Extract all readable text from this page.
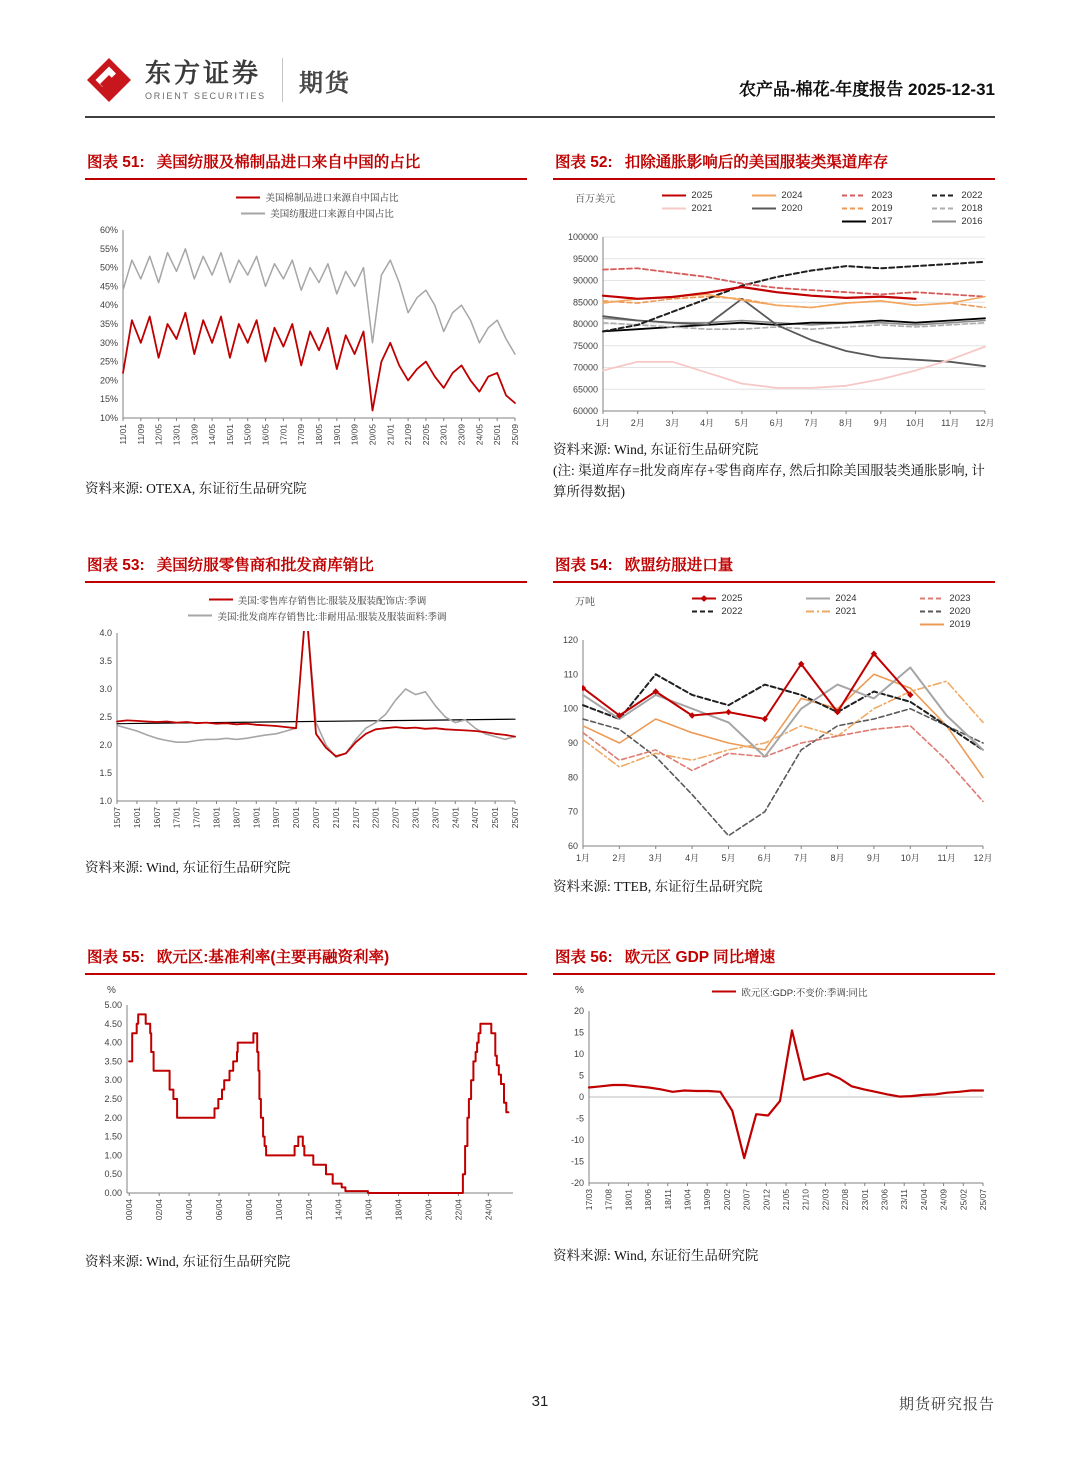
东方证券
ORIENT SECURITIES 期货	农产品-棉花-年度报告 2025-12-31
图表 51: 美国纺服及棉制品进口来自中国的占比
美国棉制品进口来源自中国占比
美国纺服进口来源自中国占比
10%
15%
20%
25%
30%
35%
40%
45%
50%
55%
60%
11/01 11/09 12/05 13/01 13/09 14/05 15/01 15/09 16/05 17/01 17/09 18/05 19/01 19/09 20/05 21/01 21/09 22/05 23/01 23/09 24/05 25/01 25/09
资料来源: OTEXA, 东证衍生品研究院
图表 52: 扣除通胀影响后的美国服装类渠道库存
百万美元	2025	2024	2023	2022
2021	2020	2019	2018
2017	2016
60000
65000
70000
75000
80000
85000
90000
95000
100000
1月 2月 3月 4月 5月 6月 7月 8月 9月 10月 11月 12月
资料来源: Wind, 东证衍生品研究院
(注: 渠道库存=批发商库存+零售商库存, 然后扣除美国服装类通胀影响, 计算所得数据)
图表 53: 美国纺服零售商和批发商库销比
美国:零售库存销售比:服装及服装配饰店:季调
美国:批发商库存销售比:非耐用品:服装及服装面料:季调
1.0
1.5
2.0
2.5
3.0
3.5
4.0
15/07 16/01 16/07 17/01 17/07 18/01 18/07 19/01 19/07 20/01 20/07 21/01 21/07 22/01 22/07 23/01 23/07 24/01 24/07 25/01 25/07
资料来源: Wind, 东证衍生品研究院
图表 54: 欧盟纺服进口量
万吨	2025	2024	2023
2022	2021	2020
2019
60
70
80
90
100
110
120
1月 2月 3月 4月 5月 6月 7月 8月 9月 10月 11月 12月
资料来源: TTEB, 东证衍生品研究院
图表 55: 欧元区:基准利率(主要再融资利率)
%
0.00
0.50
1.00
1.50
2.00
2.50
3.00
3.50
4.00
4.50
5.00
00/04 02/04 04/04 06/04 08/04 10/04 12/04 14/04 16/04 18/04 20/04 22/04 24/04
资料来源: Wind, 东证衍生品研究院
图表 56: 欧元区 GDP 同比增速
%	欧元区:GDP:不变价:季调:同比
-20
-15
-10
-5
0
5
10
15
20
17/03 17/08 18/01 18/06 18/11 19/04 19/09 20/02 20/07 20/12 21/05 21/10 22/03 22/08 23/01 23/06 23/11 24/04 24/09 25/02 25/07
资料来源: Wind, 东证衍生品研究院
31	期货研究报告
